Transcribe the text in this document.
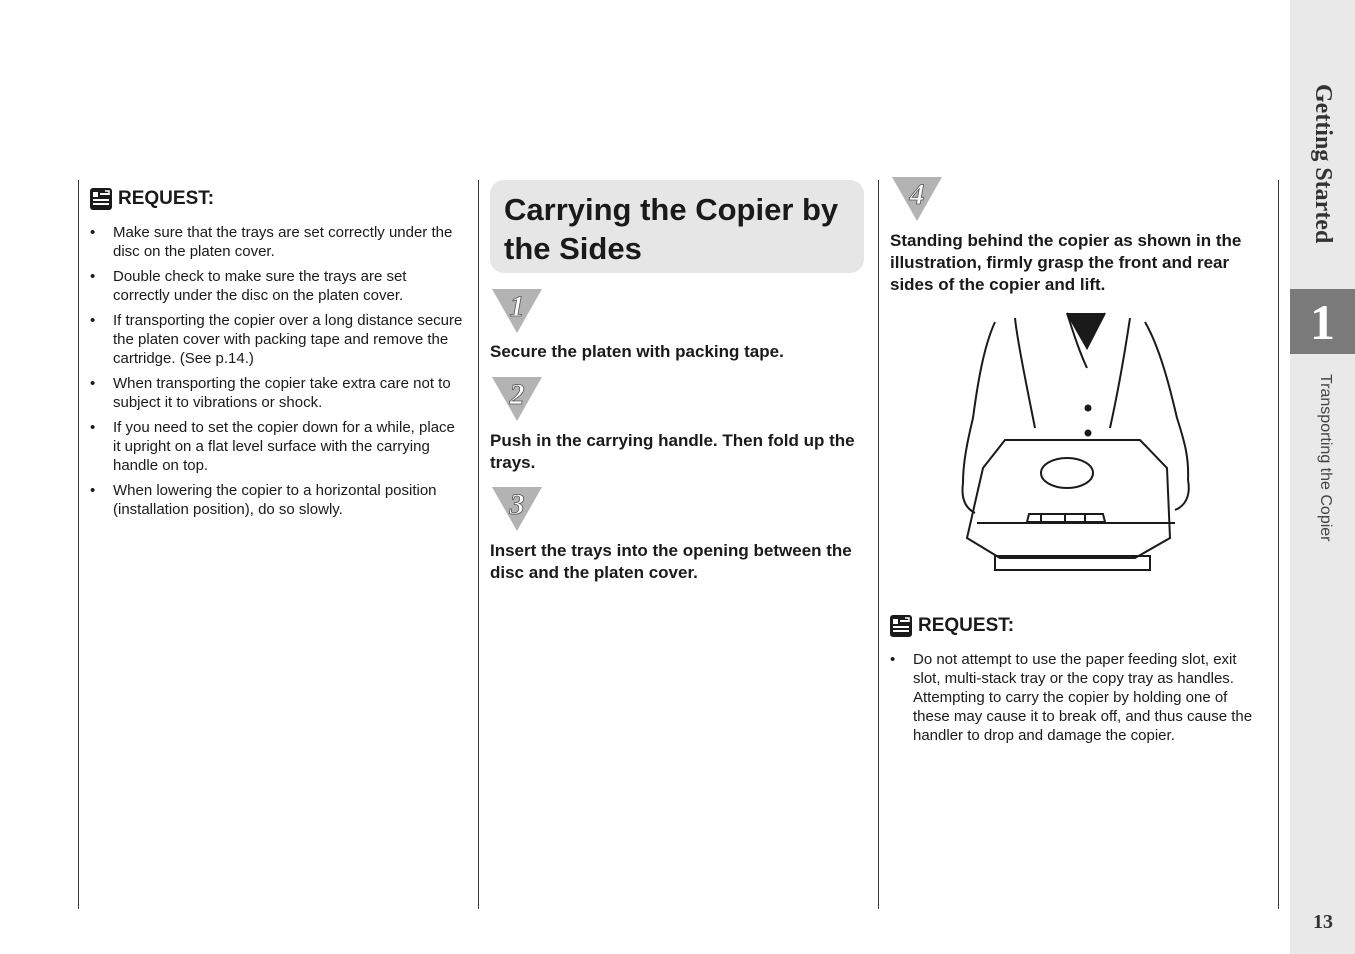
REQUEST:
• Make sure that the trays are set correctly under the disc on the platen cover.
• Double check to make sure the trays are set correctly under the disc on the platen cover.
• If transporting the copier over a long distance secure the platen cover with packing tape and remove the cartridge. (See p.14.)
• When transporting the copier take extra care not to subject it to vibrations or shock.
• If you need to set the copier down for a while, place it upright on a flat level surface with the carrying handle on top.
• When lowering the copier to a horizontal position (installation position), do so slowly.
Carrying the Copier by the Sides
1
Secure the platen with packing tape.
2
Push in the carrying handle. Then fold up the trays.
3
Insert the trays into the opening between the disc and the platen cover.
4
Standing behind the copier as shown in the illustration, firmly grasp the front and rear sides of the copier and lift.
REQUEST:
• Do not attempt to use the paper feeding slot, exit slot, multi-stack tray or the copy tray as handles. Attempting to carry the copier by holding one of these may cause it to break off, and thus cause the handler to drop and damage the copier.
Getting Started
1
Transporting the Copier
13
